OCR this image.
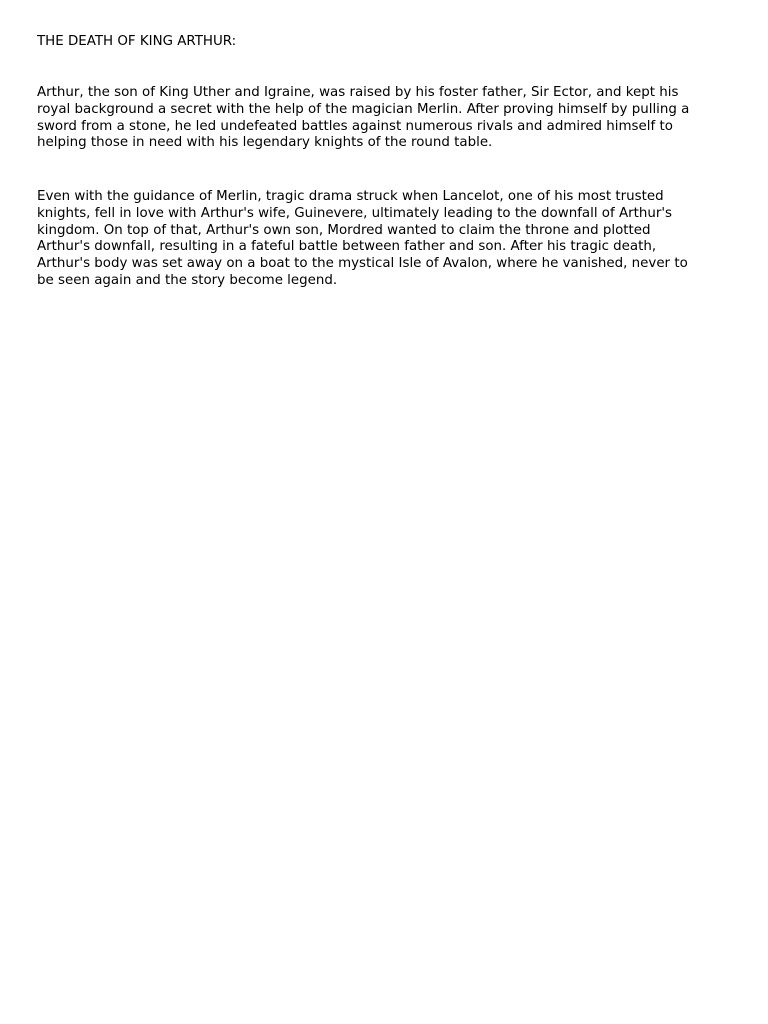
THE DEATH OF KING ARTHUR:

Arthur, the son of King Uther and Igraine, was raised by his foster father, Sir Ector, and kept his
royal background a secret with the help of the magician Merlin. After proving himself by pulling a
sword from a stone, he led undefeated battles against numerous rivals and admired himself to
helping those in need with his legendary knights of the round table.

Even with the guidance of Merlin, tragic drama struck when Lancelot, one of his most trusted
knights, fell in love with Arthur's wife, Guinevere, ultimately leading to the downfall of Arthur's
kingdom. On top of that, Arthur's own son, Mordred wanted to claim the throne and plotted
Arthur's downfall, resulting in a fateful battle between father and son. After his tragic death,
Arthur's body was set away on a boat to the mystical Isle of Avalon, where he vanished, never to
be seen again and the story become legend.
